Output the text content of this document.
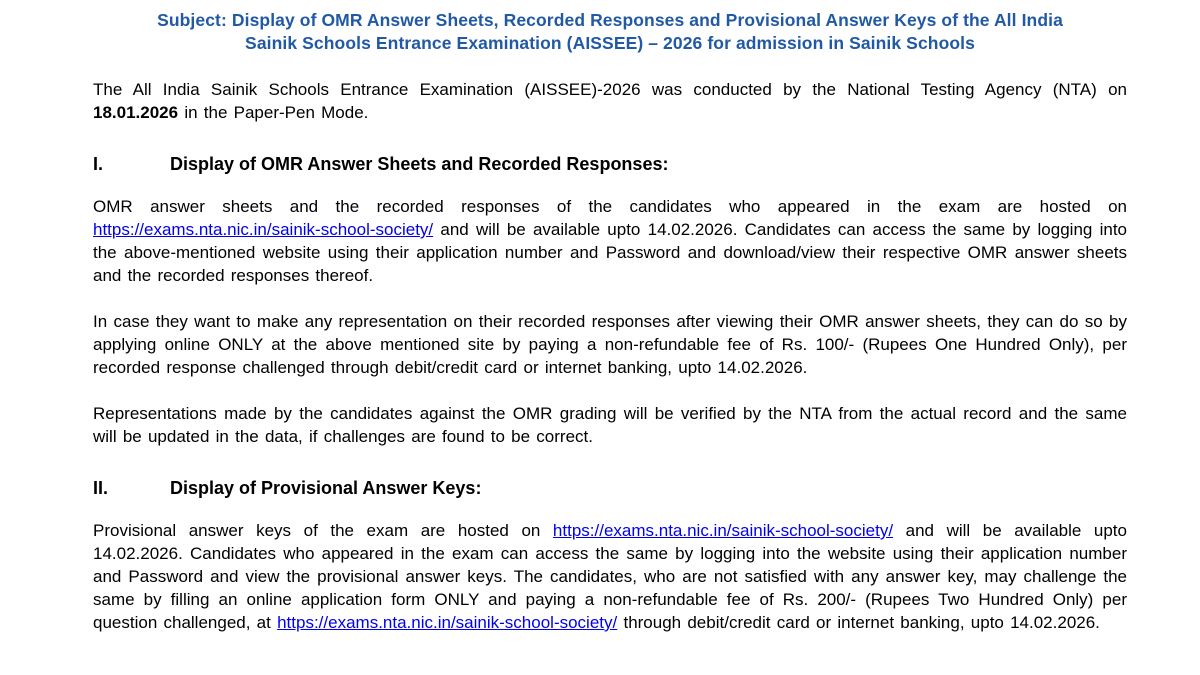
Subject: Display of OMR Answer Sheets, Recorded Responses and Provisional Answer Keys of the All India
Sainik Schools Entrance Examination (AISSEE) – 2026 for admission in Sainik Schools

The All India Sainik Schools Entrance Examination (AISSEE)-2026 was conducted by the National Testing Agency (NTA) on 18.01.2026 in the Paper-Pen Mode.

I.	Display of OMR Answer Sheets and Recorded Responses:

OMR answer sheets and the recorded responses of the candidates who appeared in the exam are hosted on https://exams.nta.nic.in/sainik-school-society/ and will be available upto 14.02.2026. Candidates can access the same by logging into the above-mentioned website using their application number and Password and download/view their respective OMR answer sheets and the recorded responses thereof.

In case they want to make any representation on their recorded responses after viewing their OMR answer sheets, they can do so by applying online ONLY at the above mentioned site by paying a non-refundable fee of Rs. 100/- (Rupees One Hundred Only), per recorded response challenged through debit/credit card or internet banking, upto 14.02.2026.

Representations made by the candidates against the OMR grading will be verified by the NTA from the actual record and the same will be updated in the data, if challenges are found to be correct.

II.	Display of Provisional Answer Keys:

Provisional answer keys of the exam are hosted on https://exams.nta.nic.in/sainik-school-society/ and will be available upto 14.02.2026. Candidates who appeared in the exam can access the same by logging into the website using their application number and Password and view the provisional answer keys. The candidates, who are not satisfied with any answer key, may challenge the same by filling an online application form ONLY and paying a non-refundable fee of Rs. 200/- (Rupees Two Hundred Only) per question challenged, at https://exams.nta.nic.in/sainik-school-society/ through debit/credit card or internet banking, upto 14.02.2026.
